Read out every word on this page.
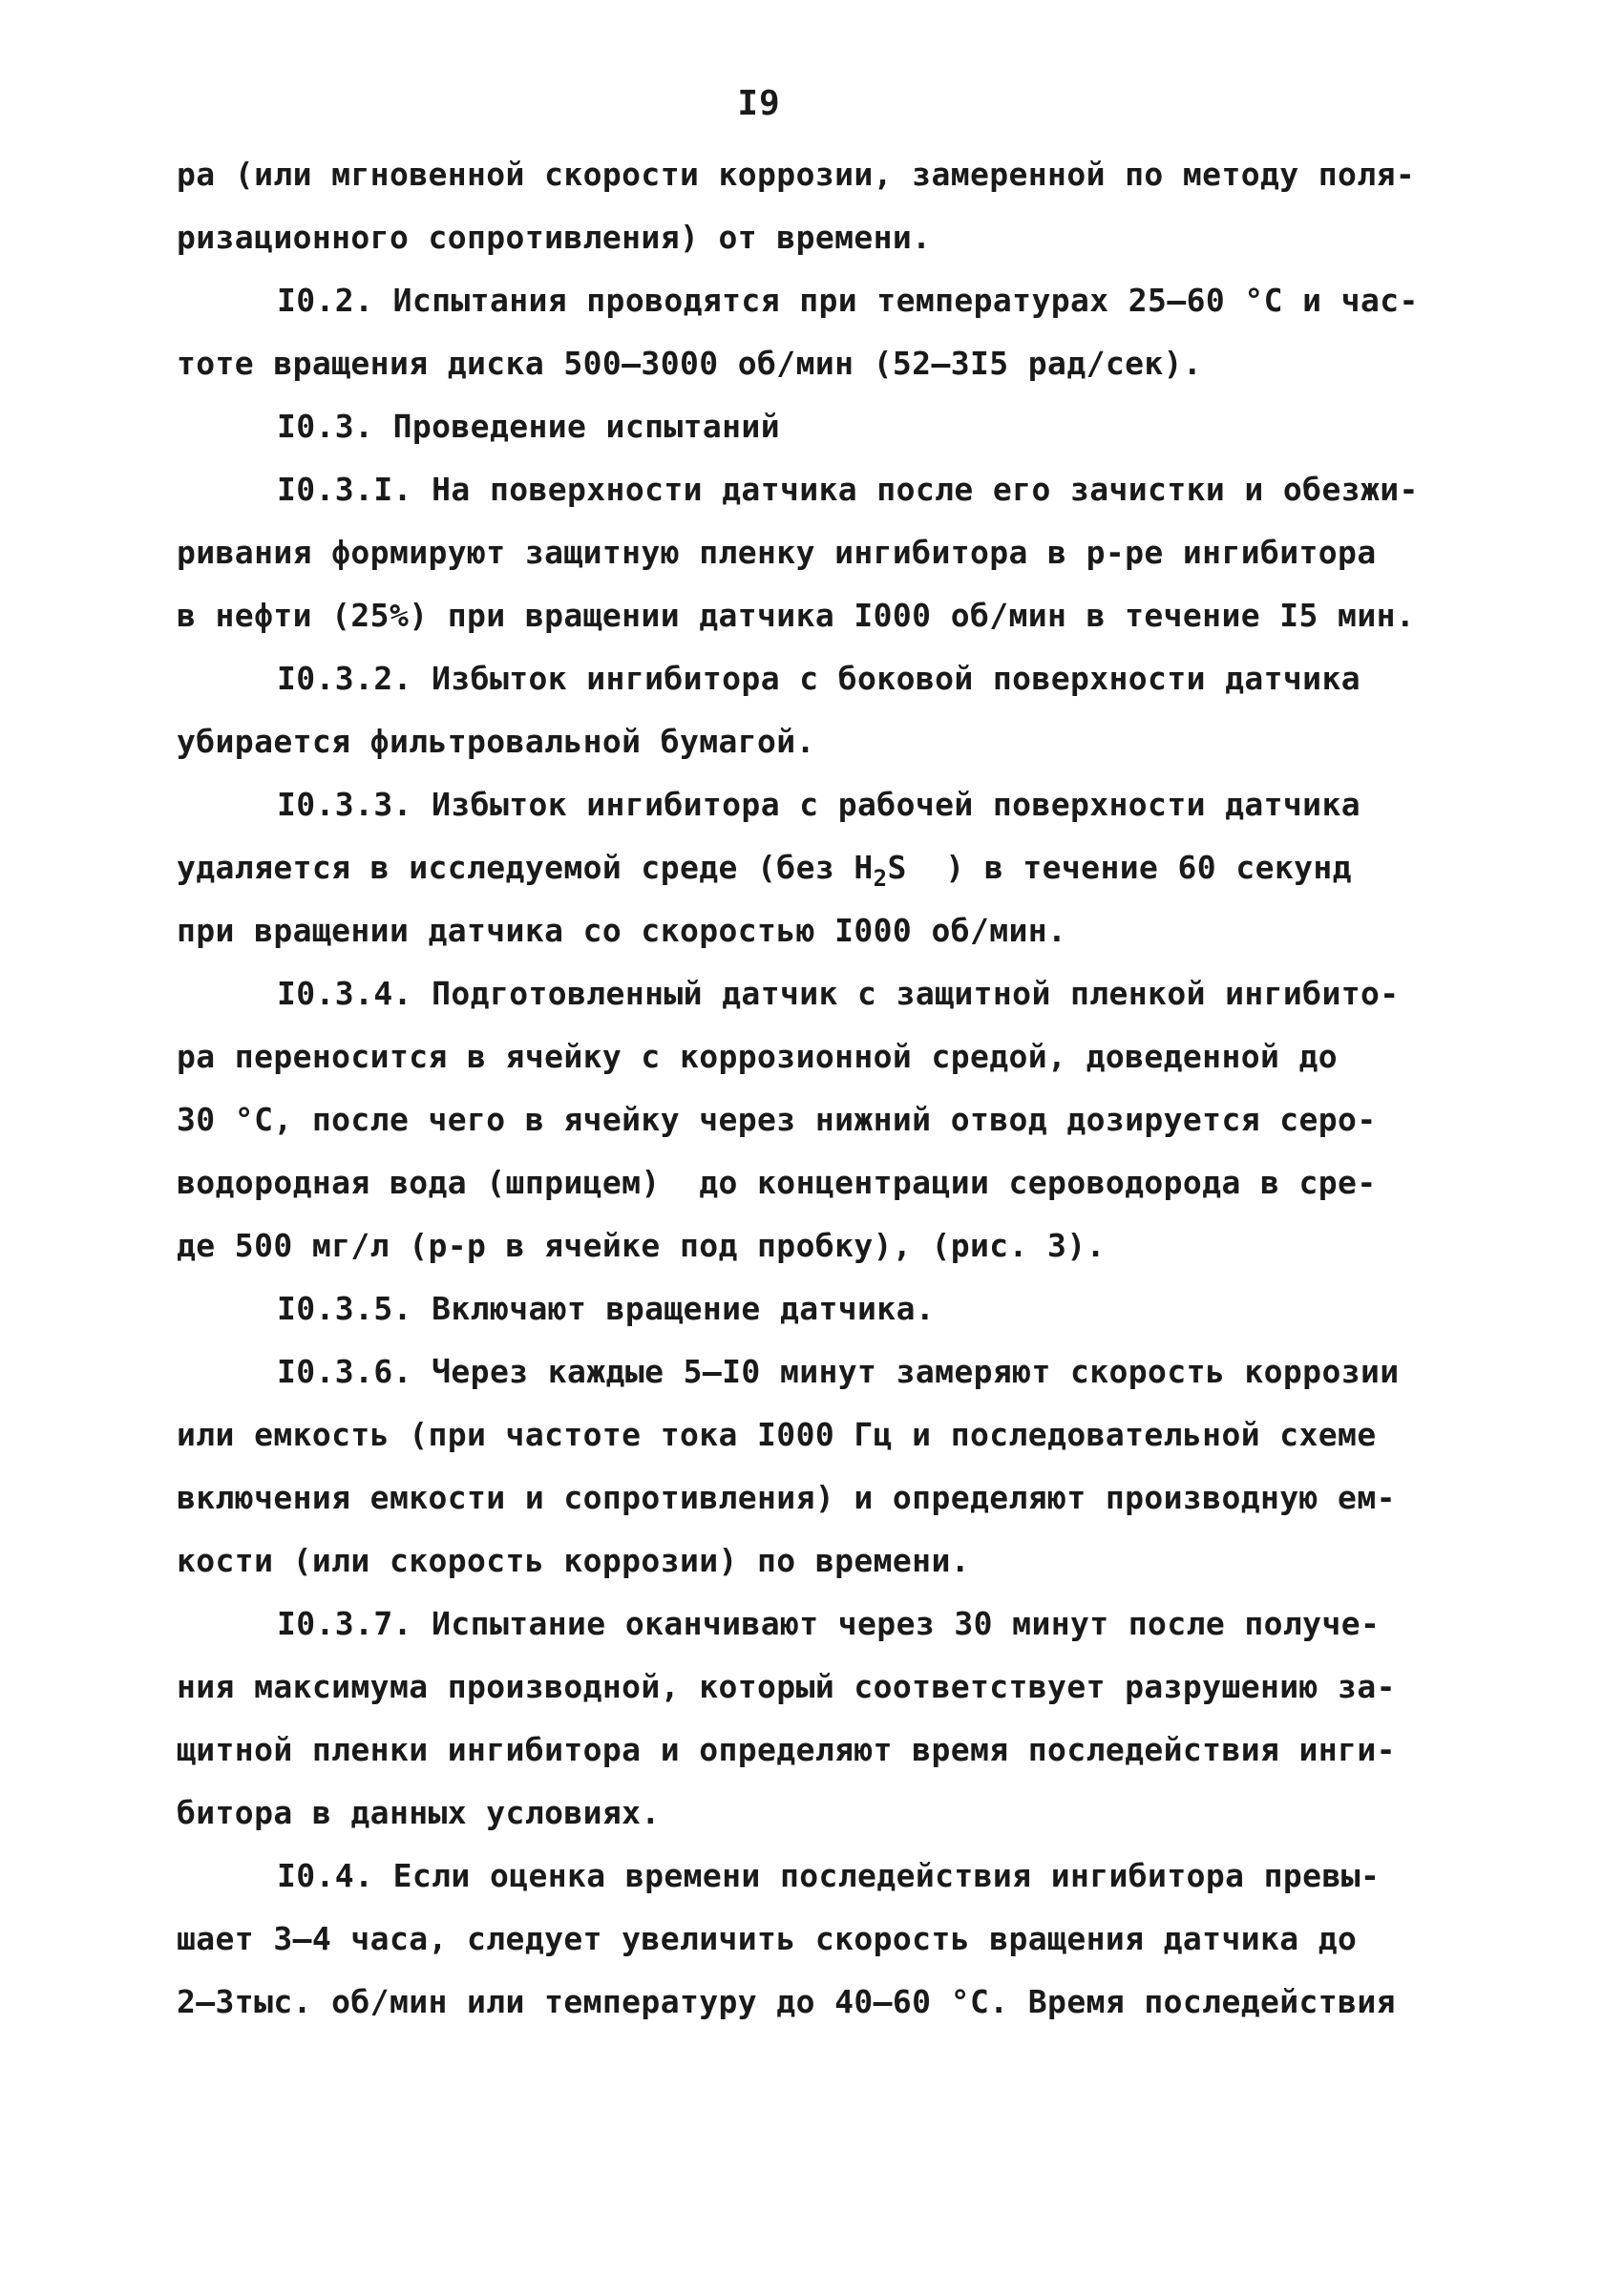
I9
ра (или мгновенной скорости коррозии, замеренной по методу поля-
ризационного сопротивления) от времени.
I0.2. Испытания проводятся при температурах 25–60 °С и час-
тоте вращения диска 500–3000 об/мин (52–3I5 рад/сек).
I0.3. Проведение испытаний
I0.3.I. На поверхности датчика после его зачистки и обезжи-
ривания формируют защитную пленку ингибитора в р-ре ингибитора
в нефти (25%) при вращении датчика I000 об/мин в течение I5 мин.
I0.3.2. Избыток ингибитора с боковой поверхности датчика
убирается фильтровальной бумагой.
I0.3.3. Избыток ингибитора с рабочей поверхности датчика
удаляется в исследуемой среде (без $H_2S$  ) в течение 60 секунд
при вращении датчика со скоростью I000 об/мин.
I0.3.4. Подготовленный датчик с защитной пленкой ингибито-
ра переносится в ячейку с коррозионной средой, доведенной до
30 °С, после чего в ячейку через нижний отвод дозируется серо-
водородная вода (шприцем)  до концентрации сероводорода в сре-
де 500 мг/л (р-р в ячейке под пробку), (рис. 3).
I0.3.5. Включают вращение датчика.
I0.3.6. Через каждые 5–I0 минут замеряют скорость коррозии
или емкость (при частоте тока I000 Гц и последовательной схеме
включения емкости и сопротивления) и определяют производную ем-
кости (или скорость коррозии) по времени.
I0.3.7. Испытание оканчивают через 30 минут после получе-
ния максимума производной, который соответствует разрушению за-
щитной пленки ингибитора и определяют время последействия инги-
битора в данных условиях.
I0.4. Если оценка времени последействия ингибитора превы-
шает 3–4 часа, следует увеличить скорость вращения датчика до
2–3тыс. об/мин или температуру до 40–60 °С. Время последействия
